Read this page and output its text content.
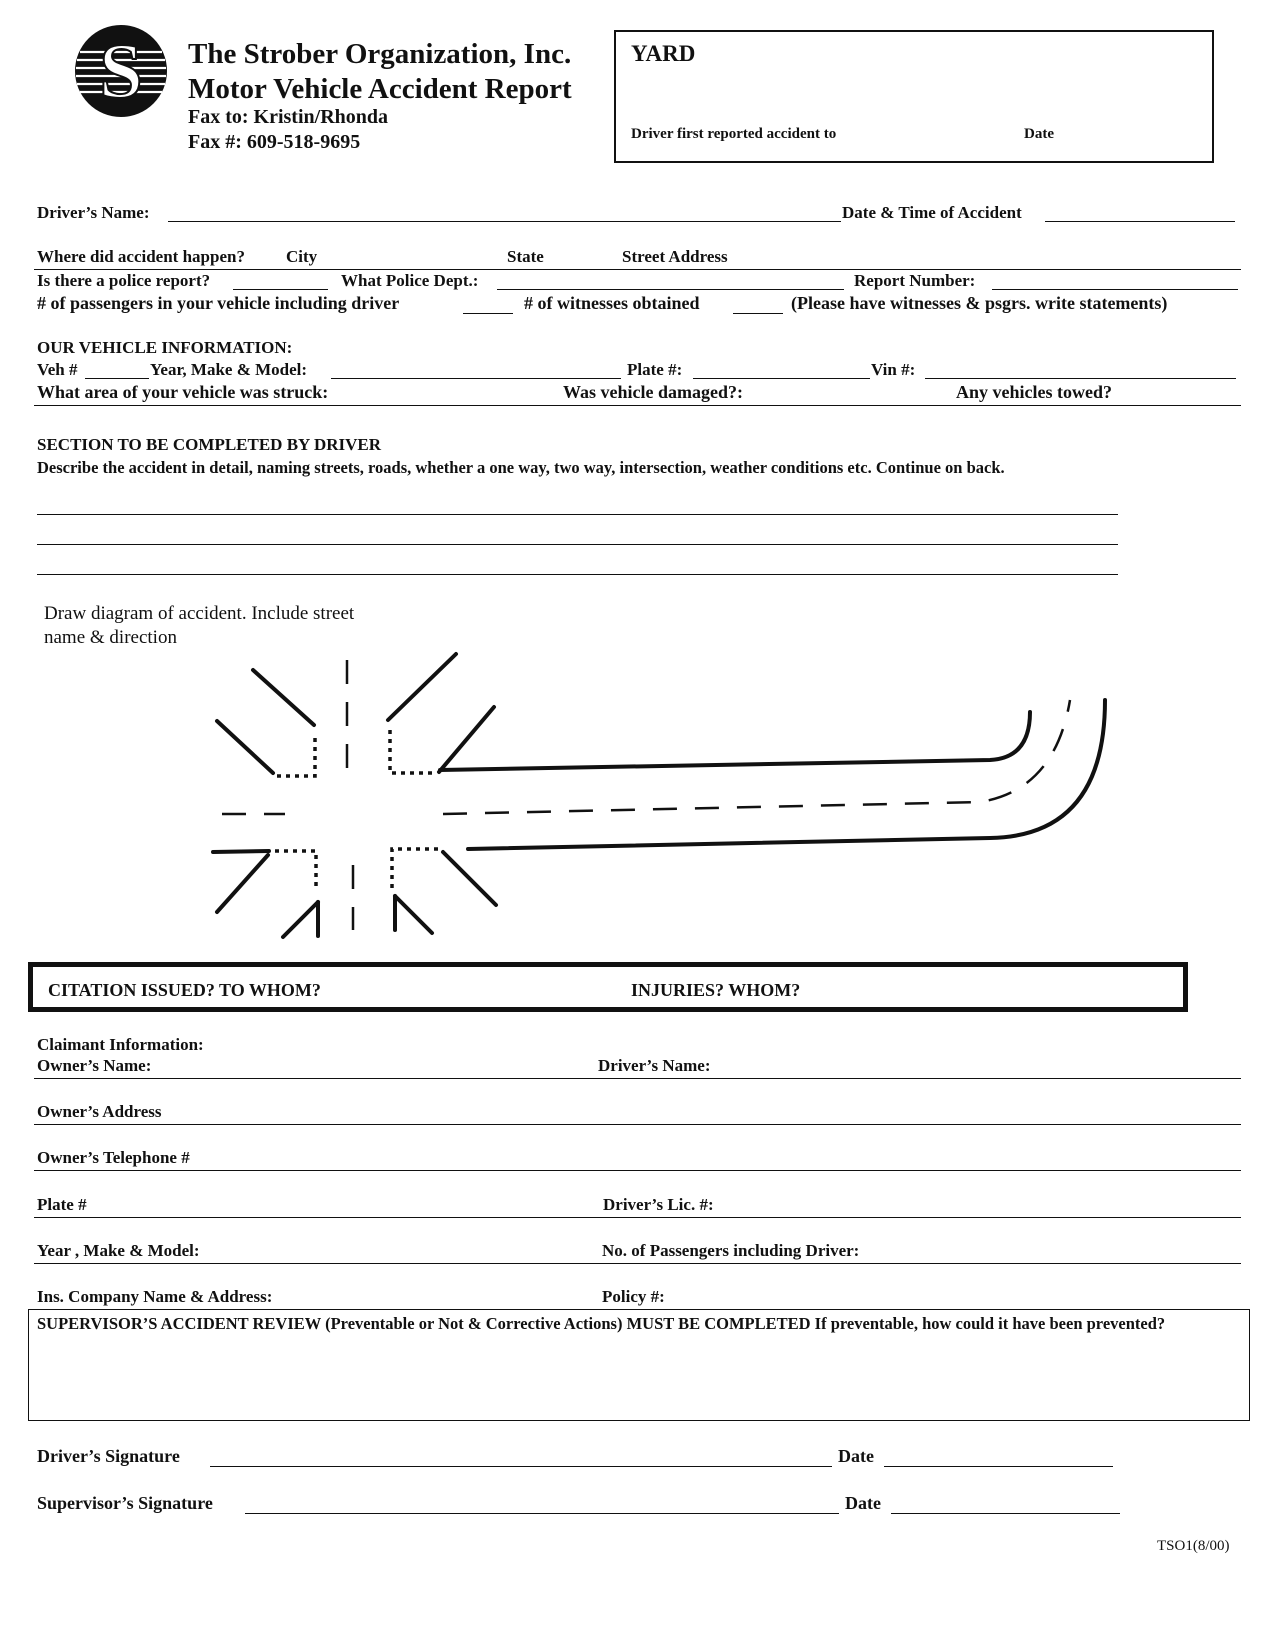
S The Strober Organization, Inc.
Motor Vehicle Accident Report
Fax to: Kristin/Rhonda
Fax #: 609-518-9695
YARD
Driver first reported accident to	Date
Driver’s Name:	Date & Time of Accident
Where did accident happen? City	State	Street Address
Is there a police report?	What Police Dept.:	Report Number:
# of passengers in your vehicle including driver	# of witnesses obtained	(Please have witnesses & psgrs. write statements)
OUR VEHICLE INFORMATION:
Veh #	Year, Make & Model:	Plate #:	Vin #:
What area of your vehicle was struck:	Was vehicle damaged?:	Any vehicles towed?
SECTION TO BE COMPLETED BY DRIVER
Describe the accident in detail, naming streets, roads, whether a one way, two way, intersection, weather conditions etc. Continue on back.
Draw diagram of accident. Include street
name & direction
CITATION ISSUED? TO WHOM?	INJURIES? WHOM?
Claimant Information:
Owner’s Name:	Driver’s Name:
Owner’s Address
Owner’s Telephone #
Plate #	Driver’s Lic. #:
Year , Make & Model:	No. of Passengers including Driver:
Ins. Company Name & Address:	Policy #:
SUPERVISOR’S ACCIDENT REVIEW (Preventable or Not & Corrective Actions) MUST BE COMPLETED If preventable, how could it have been prevented?
Driver’s Signature	Date
Supervisor’s Signature	Date
TSO1(8/00)
